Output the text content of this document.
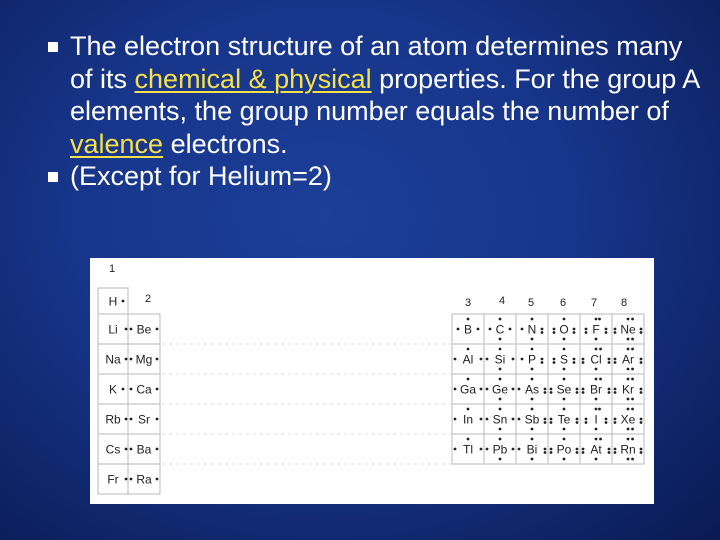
The electron structure of an atom determines many of its chemical & physical properties. For the group A elements, the group number equals the number of valence electrons.
(Except for Helium=2)
1
2	3	4 5 6 7 8
H
Li Be	B C N O F Ne
Na Mg	Al Si P S Cl Ar
K Ca	Ga Ge As Se Br Kr
Rb Sr	In Sn Sb Te I Xe
Cs Ba	Tl Pb Bi Po At Rn
Fr Ra
